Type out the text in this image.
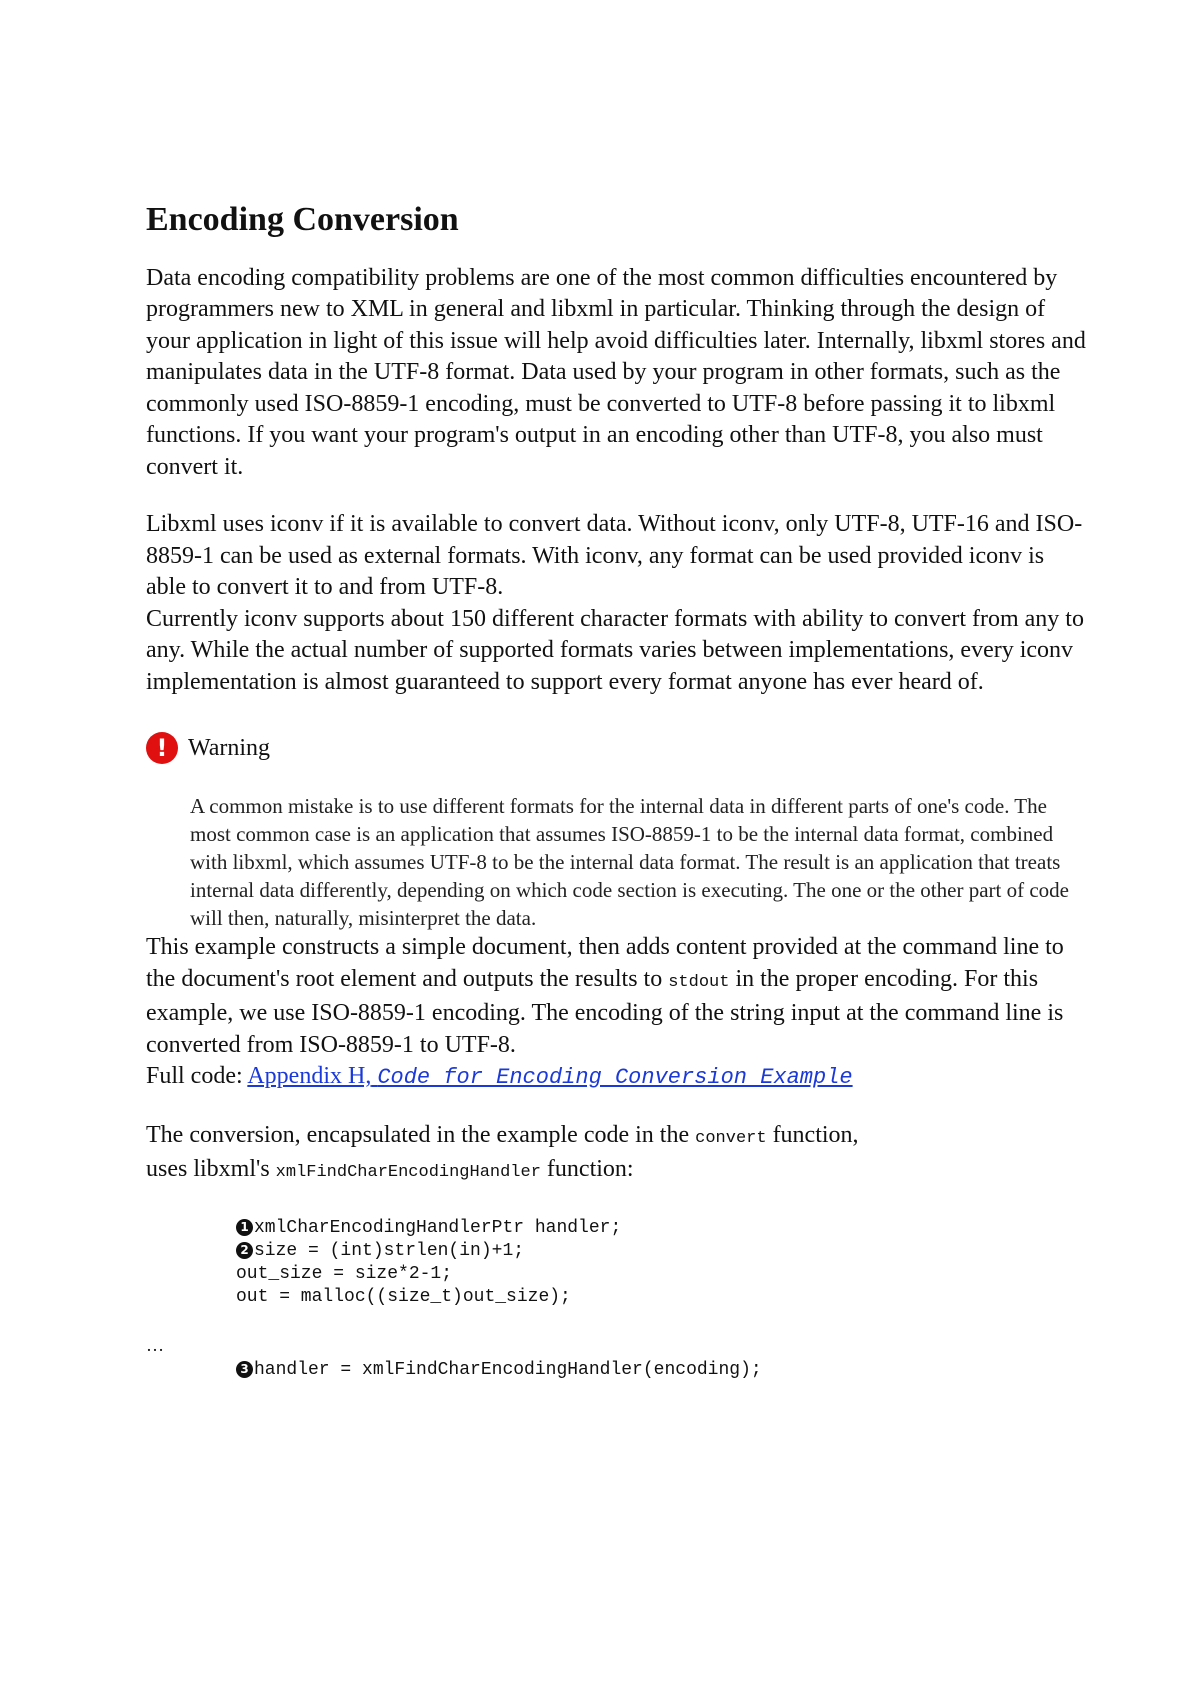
Encoding Conversion

Data encoding compatibility problems are one of the most common difficulties encountered by programmers new to XML in general and libxml in particular. Thinking through the design of your application in light of this issue will help avoid difficulties later. Internally, libxml stores and manipulates data in the UTF-8 format. Data used by your program in other formats, such as the commonly used ISO-8859-1 encoding, must be converted to UTF-8 before passing it to libxml functions. If you want your program's output in an encoding other than UTF-8, you also must convert it.

Libxml uses iconv if it is available to convert data. Without iconv, only UTF-8, UTF-16 and ISO-8859-1 can be used as external formats. With iconv, any format can be used provided iconv is able to convert it to and from UTF-8.

Currently iconv supports about 150 different character formats with ability to convert from any to any. While the actual number of supported formats varies between implementations, every iconv implementation is almost guaranteed to support every format anyone has ever heard of.

! Warning
A common mistake is to use different formats for the internal data in different parts of one's code. The most common case is an application that assumes ISO-8859-1 to be the internal data format, combined with libxml, which assumes UTF-8 to be the internal data format. The result is an application that treats internal data differently, depending on which code section is executing. The one or the other part of code will then, naturally, misinterpret the data.

This example constructs a simple document, then adds content provided at the command line to the document's root element and outputs the results to stdout in the proper encoding. For this example, we use ISO-8859-1 encoding. The encoding of the string input at the command line is converted from ISO-8859-1 to UTF-8.
Full code: Appendix H, Code for Encoding Conversion Example

The conversion, encapsulated in the example code in the convert function,
uses libxml's xmlFindCharEncodingHandler function:

1 xmlCharEncodingHandlerPtr handler;
2 size = (int)strlen(in)+1;
out_size = size*2-1;
out = malloc((size_t)out_size);
…
3 handler = xmlFindCharEncodingHandler(encoding);
